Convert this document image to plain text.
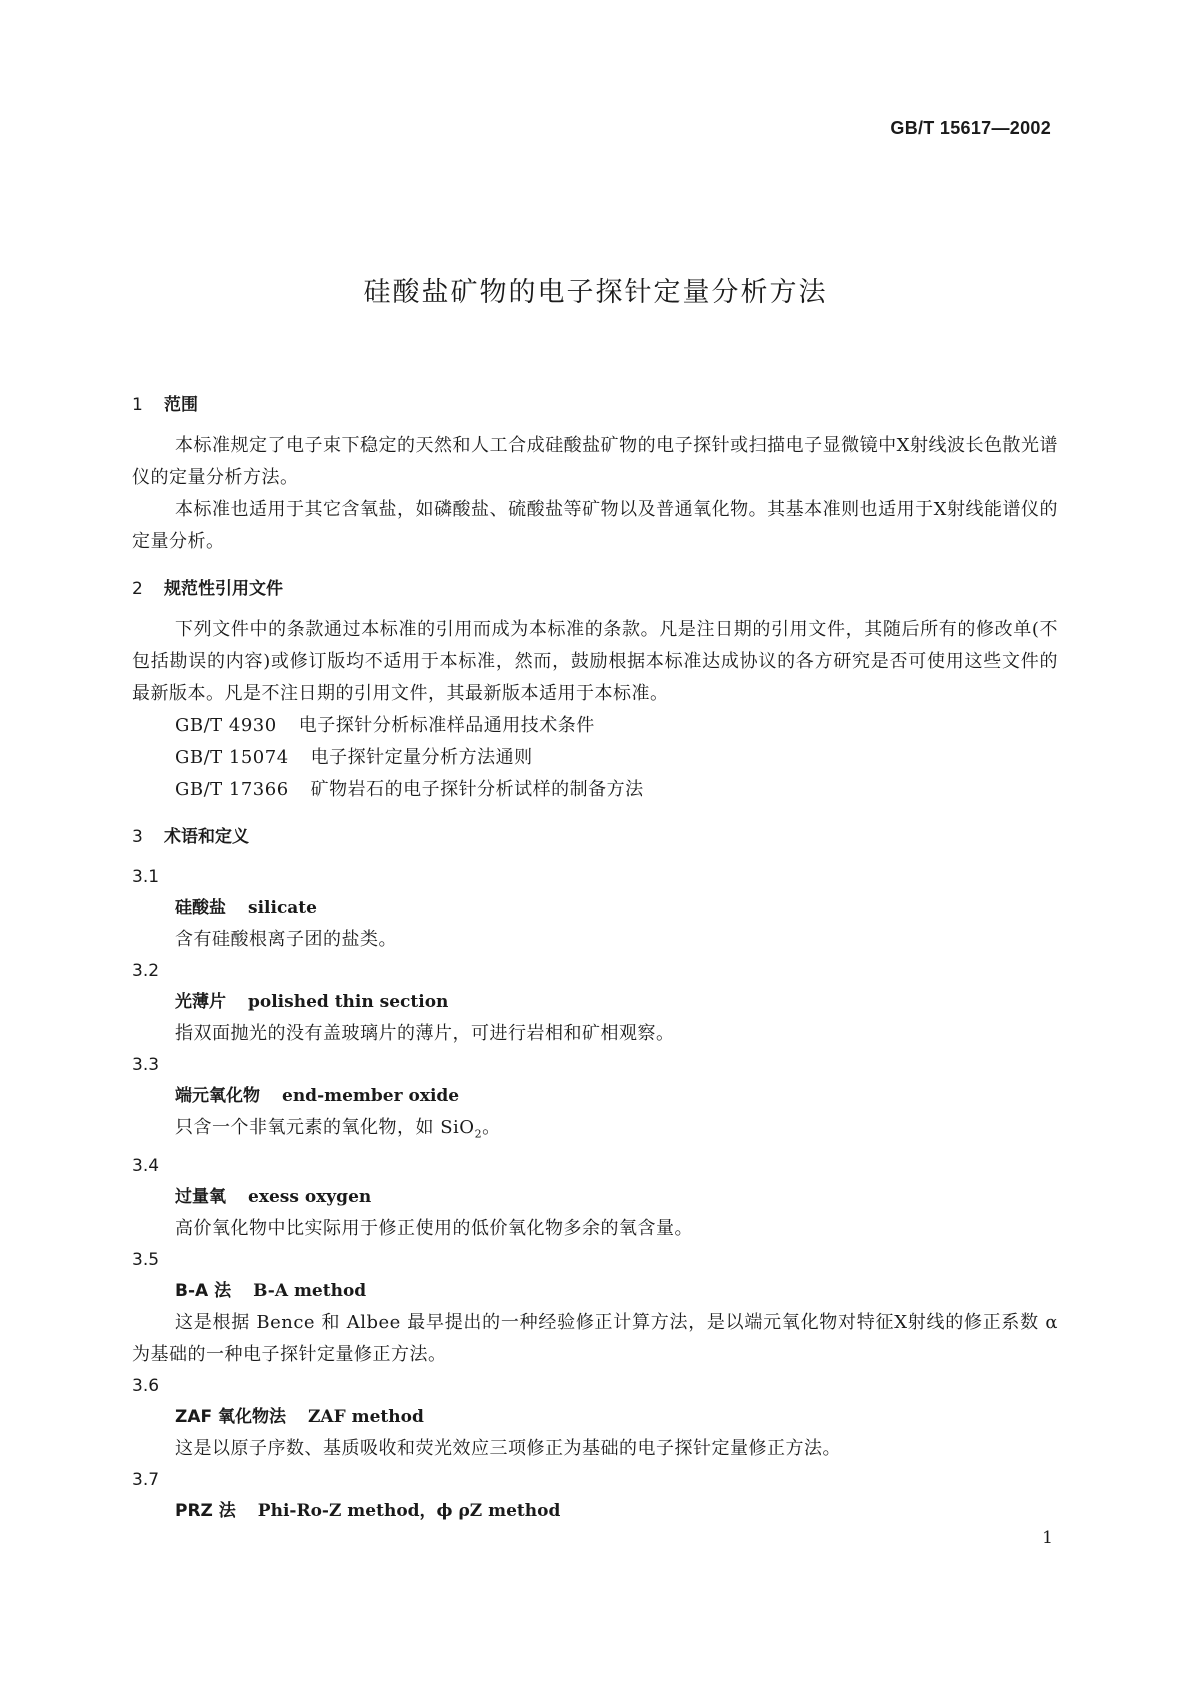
GB/T 15617—2002
硅酸盐矿物的电子探针定量分析方法
1 范围

本标准规定了电子束下稳定的天然和人工合成硅酸盐矿物的电子探针或扫描电子显微镜中X射线波长色散光谱仪的定量分析方法。

本标准也适用于其它含氧盐，如磷酸盐、硫酸盐等矿物以及普通氧化物。其基本准则也适用于X射线能谱仪的定量分析。

2 规范性引用文件

下列文件中的条款通过本标准的引用而成为本标准的条款。凡是注日期的引用文件，其随后所有的修改单(不包括勘误的内容)或修订版均不适用于本标准，然而，鼓励根据本标准达成协议的各方研究是否可使用这些文件的最新版本。凡是不注日期的引用文件，其最新版本适用于本标准。

GB/T 4930 电子探针分析标准样品通用技术条件
GB/T 15074 电子探针定量分析方法通则
GB/T 17366 矿物岩石的电子探针分析试样的制备方法
3 术语和定义
3.1
硅酸盐 silicate

含有硅酸根离子团的盐类。

3.2
光薄片 polished thin section

指双面抛光的没有盖玻璃片的薄片，可进行岩相和矿相观察。

3.3
端元氧化物 end-member oxide

只含一个非氧元素的氧化物，如 SiO$_2$。

3.4
过量氧 exess oxygen

高价氧化物中比实际用于修正使用的低价氧化物多余的氧含量。

3.5
B-A 法 B-A method

这是根据 Bence 和 Albee 最早提出的一种经验修正计算方法，是以端元氧化物对特征X射线的修正系数 α 为基础的一种电子探针定量修正方法。

3.6
ZAF 氧化物法 ZAF method

这是以原子序数、基质吸收和荧光效应三项修正为基础的电子探针定量修正方法。

3.7
PRZ 法 Phi-Ro-Z method，ϕ ρZ method
1
